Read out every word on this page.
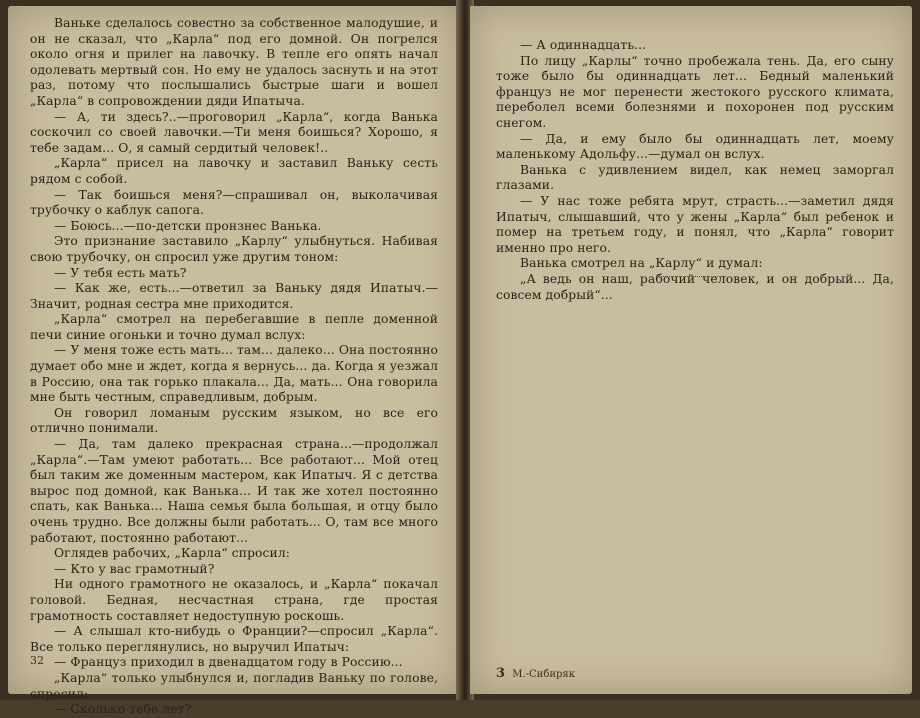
Ваньке сделалось совестно за собственное малодушие, и он не сказал, что „Карла“ под его домной. Он погрелся около огня и прилег на лавочку. В тепле его опять начал одолевать мертвый сон. Но ему не удалось заснуть и на этот раз, потому что послышались быстрые шаги и вошел „Карла“ в сопровождении дяди Ипатыча.

— А, ти здесь?..—проговорил „Карла“, когда Ванька соскочил со своей лавочки.—Ти меня боишься? Хорошо, я тебе задам... О, я самый сердитый человек!..

„Карла“ присел на лавочку и заставил Ваньку сесть рядом с собой.

— Так боишься меня?—спрашивал он, выколачивая трубочку о каблук сапога.

— Боюсь...—по-детски пронзнес Ванька.

Это признание заставило „Карлу“ улыбнуться. Набивая свою трубочку, он спросил уже другим тоном:

— У тебя есть мать?

— Как же, есть...—ответил за Ваньку дядя Ипатыч.— Значит, родная сестра мне приходится.

„Карла“ смотрел на перебегавшие в пепле доменной печи синие огоньки и точно думал вслух:

— У меня тоже есть мать... там... далеко... Она постоянно думает обо мне и ждет, когда я вернусь... да. Когда я уезжал в Россию, она так горько плакала... Да, мать... Она говорила мне быть честным, справедливым, добрым.

Он говорил ломаным русским языком, но все его отлично понимали.

— Да, там далеко прекрасная страна...—продолжал „Карла“.—Там умеют работать... Все работают... Мой отец был таким же доменным мастером, как Ипатыч. Я с детства вырос под домной, как Ванька... И так же хотел постоянно спать, как Ванька... Наша семья была большая, и отцу было очень трудно. Все должны были работать... О, там все много работают, постоянно работают...

Оглядев рабочих, „Карла“ спросил:

— Кто у вас грамотный?

Ни одного грамотного не оказалось, и „Карла“ покачал головой. Бедная, несчастная страна, где простая грамотность составляет недоступную роскошь.

— А слышал кто-нибудь о Франции?—спросил „Карла“. Все только переглянулись, но выручил Ипатыч:

— Француз приходил в двенадцатом году в Россию...

„Карла“ только улыбнулся и, погладив Ваньку по голове, спросил:

— Сколько тебе лет?

32

— А одиннадцать...

По лицу „Карлы“ точно пробежала тень. Да, его сыну тоже было бы одиннадцать лет... Бедный маленький француз не мог перенести жестокого русского климата, переболел всеми болезнями и похоронен под русским снегом.

— Да, и ему было бы одиннадцать лет, моему маленькому Адольфу...—думал он вслух.

Ванька с удивлением видел, как немец заморгал глазами.

— У нас тоже ребята мрут, страсть...—заметил дядя Ипатыч, слышавший, что у жены „Карла“ был ребенок и помер на третьем году, и понял, что „Карла“ говорит именно про него.

Ванька смотрел на „Карлу“ и думал:

„А ведь он наш, рабочий человек, и он добрый... Да, совсем добрый“...

3 М.-Сибиряк
